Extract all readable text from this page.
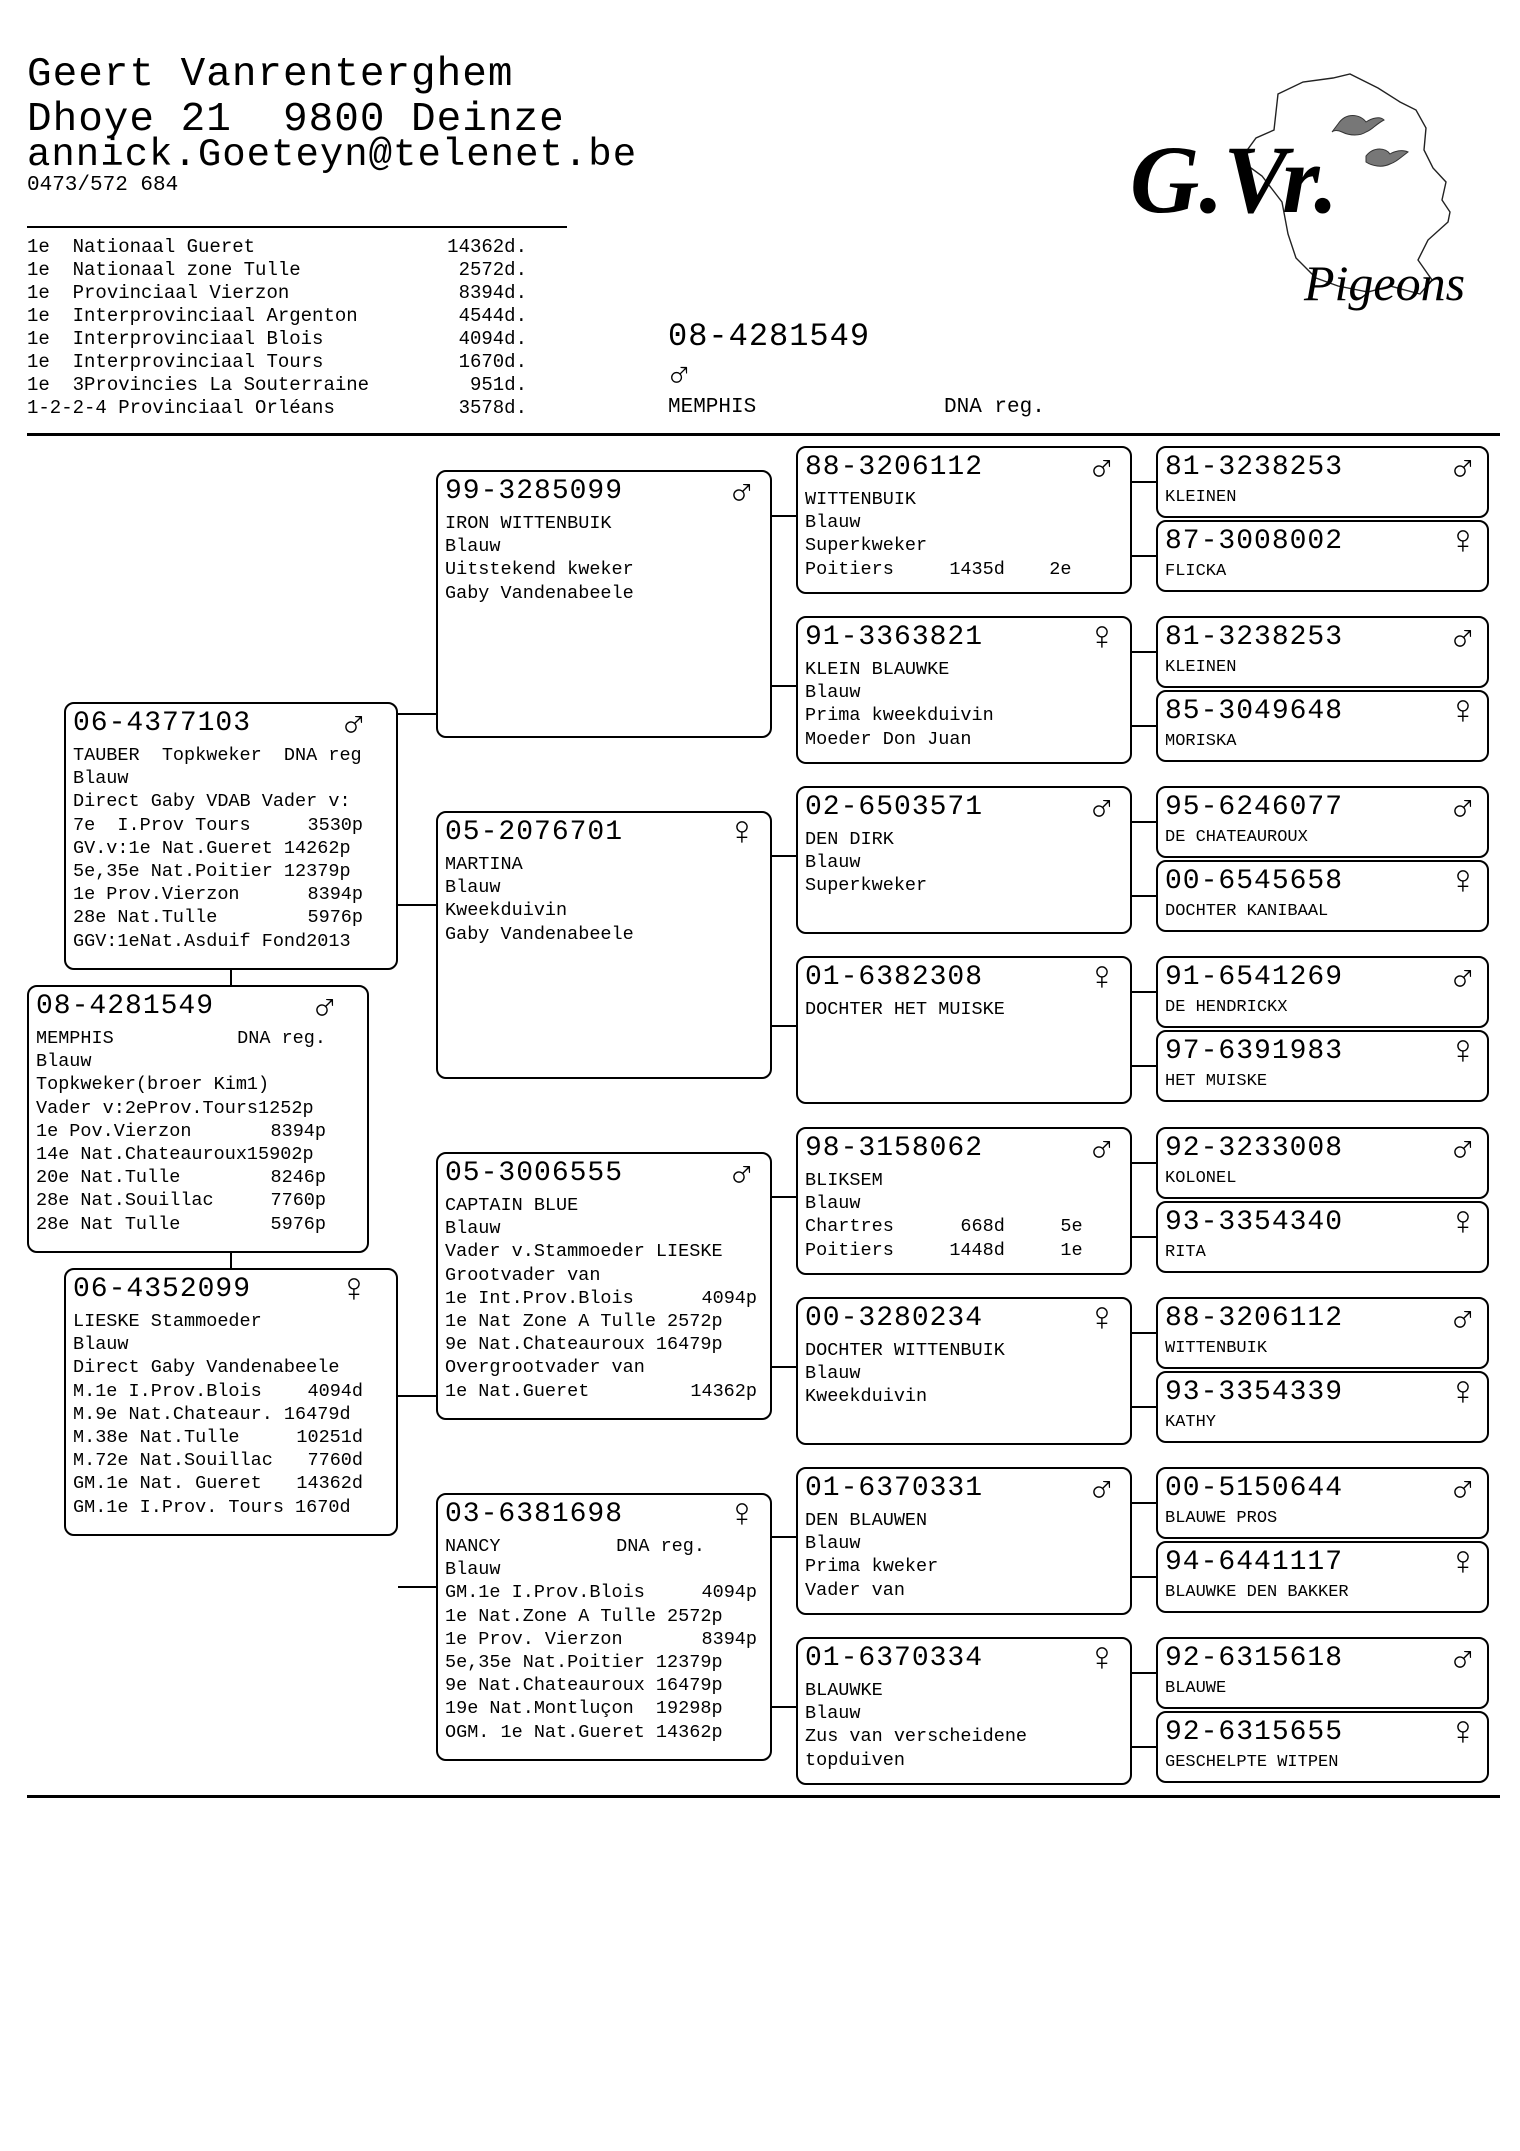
Geert Vanrenterghem
Dhoye 21  9800 Deinze
annick.Goeteyn@telenet.be
0473/572 684
1e  Nationaal Gueret	14362d.
1e  Nationaal zone Tulle	2572d.
1e  Provinciaal Vierzon	8394d.
1e  Interprovinciaal Argenton	4544d.
1e  Interprovinciaal Blois	4094d.
1e  Interprovinciaal Tours	1670d.
1e  3Provincies La Souterraine	951d.
1-2-2-4 Provinciaal Orléans	3578d.
08-4281549
♂
MEMPHIS	DNA reg.
G.Vr.
Pigeons
08-4281549 ♂
MEMPHIS	DNA reg.
Blauw
Topkweker(broer Kim1)
Vader v:2eProv.Tours1252p
1e Pov.Vierzon	8394p
14e Nat.Chateauroux15902p
20e Nat.Tulle	8246p
28e Nat.Souillac	7760p
28e Nat Tulle	5976p
06-4377103 ♂
TAUBER  Topkweker  DNA reg
Blauw
Direct Gaby VDAB Vader v:
7e  I.Prov Tours	3530p
GV.v:1e Nat.Gueret 14262p
5e,35e Nat.Poitier 12379p
1e Prov.Vierzon	8394p
28e Nat.Tulle	5976p
GGV:1eNat.Asduif Fond2013
06-4352099 ♀
LIESKE Stammoeder
Blauw
Direct Gaby Vandenabeele
M.1e I.Prov.Blois 4094d
M.9e Nat.Chateaur. 16479d
M.38e Nat.Tulle	10251d
M.72e Nat.Souillac 7760d
GM.1e Nat. Gueret 14362d
GM.1e I.Prov. Tours 1670d
99-3285099	♂
IRON WITTENBUIK
Blauw
Uitstekend kweker
Gaby Vandenabeele
05-2076701	♀
MARTINA
Blauw
Kweekduivin
Gaby Vandenabeele
05-3006555	♂
CAPTAIN BLUE
Blauw
Vader v.Stammoeder LIESKE
Grootvader van
1e Int.Prov.Blois	4094p
1e Nat Zone A Tulle 2572p
9e Nat.Chateauroux 16479p
Overgrootvader van
1e Nat.Gueret	14362p
03-6381698	♀
NANCY	DNA reg.
Blauw
GM.1e I.Prov.Blois	4094p
1e Nat.Zone A Tulle 2572p
1e Prov. Vierzon	8394p
5e,35e Nat.Poitier 12379p
9e Nat.Chateauroux 16479p
19e Nat.Montluçon  19298p
OGM. 1e Nat.Gueret 14362p
88-3206112	♂
WITTENBUIK
Blauw
Superkweker
Poitiers     1435d    2e
91-3363821	♀
KLEIN BLAUWKE
Blauw
Prima kweekduivin
Moeder Don Juan
02-6503571	♂
DEN DIRK
Blauw
Superkweker
01-6382308	♀
DOCHTER HET MUISKE
98-3158062	♂
BLIKSEM
Blauw
Chartres      668d     5e
Poitiers     1448d     1e
00-3280234	♀
DOCHTER WITTENBUIK
Blauw
Kweekduivin
01-6370331	♂
DEN BLAUWEN
Blauw
Prima kweker
Vader van
01-6370334	♀
BLAUWKE
Blauw
Zus van verscheidene
topduiven
81-3238253	♂
KLEINEN
87-3008002	♀
FLICKA
81-3238253	♂
KLEINEN
85-3049648	♀
MORISKA
95-6246077	♂
DE CHATEAUROUX
00-6545658	♀
DOCHTER KANIBAAL
91-6541269	♂
DE HENDRICKX
97-6391983	♀
HET MUISKE
92-3233008	♂
KOLONEL
93-3354340	♀
RITA
88-3206112	♂
WITTENBUIK
93-3354339	♀
KATHY
00-5150644	♂
BLAUWE PROS
94-6441117	♀
BLAUWKE DEN BAKKER
92-6315618	♂
BLAUWE
92-6315655	♀
GESCHELPTE WITPEN
